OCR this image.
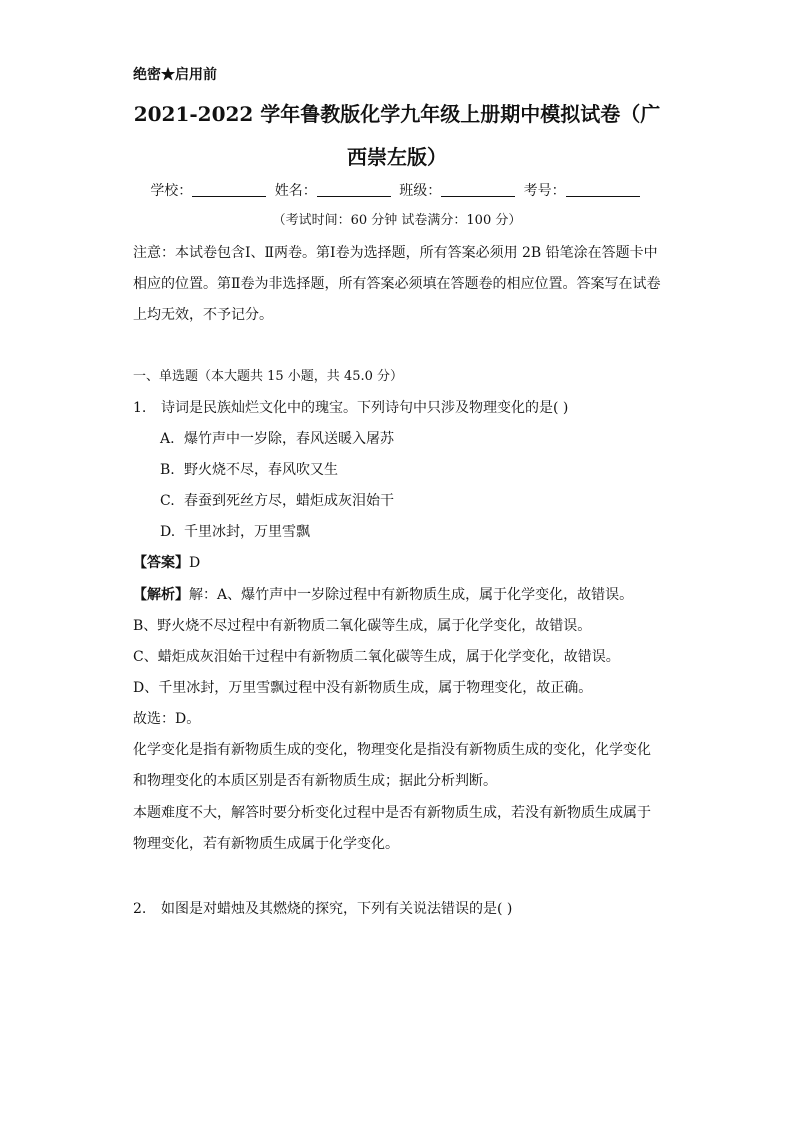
绝密★启用前
2021-2022 学年鲁教版化学九年级上册期中模拟试卷（广
西崇左版）
学校：	姓名：	班级：	考号：
（考试时间：60 分钟 试卷满分：100 分）
注意：本试卷包含Ⅰ、Ⅱ两卷。第Ⅰ卷为选择题，所有答案必须用 2B 铅笔涂在答题卡中相应的位置。第Ⅱ卷为非选择题，所有答案必须填在答题卷的相应位置。答案写在试卷上均无效，不予记分。
一、单选题（本大题共 15 小题，共 45.0 分）
1. 诗词是民族灿烂文化中的瑰宝。下列诗句中只涉及物理变化的是( )
A. 爆竹声中一岁除，春风送暖入屠苏
B. 野火烧不尽，春风吹又生
C. 春蚕到死丝方尽，蜡炬成灰泪始干
D. 千里冰封，万里雪飘
【答案】D
【解析】解：A、爆竹声中一岁除过程中有新物质生成，属于化学变化，故错误。
B、野火烧不尽过程中有新物质二氧化碳等生成，属于化学变化，故错误。
C、蜡炬成灰泪始干过程中有新物质二氧化碳等生成，属于化学变化，故错误。
D、千里冰封，万里雪飘过程中没有新物质生成，属于物理变化，故正确。
故选：D。
化学变化是指有新物质生成的变化，物理变化是指没有新物质生成的变化，化学变化和物理变化的本质区别是否有新物质生成；据此分析判断。
本题难度不大，解答时要分析变化过程中是否有新物质生成，若没有新物质生成属于物理变化，若有新物质生成属于化学变化。
2. 如图是对蜡烛及其燃烧的探究，下列有关说法错误的是( )
